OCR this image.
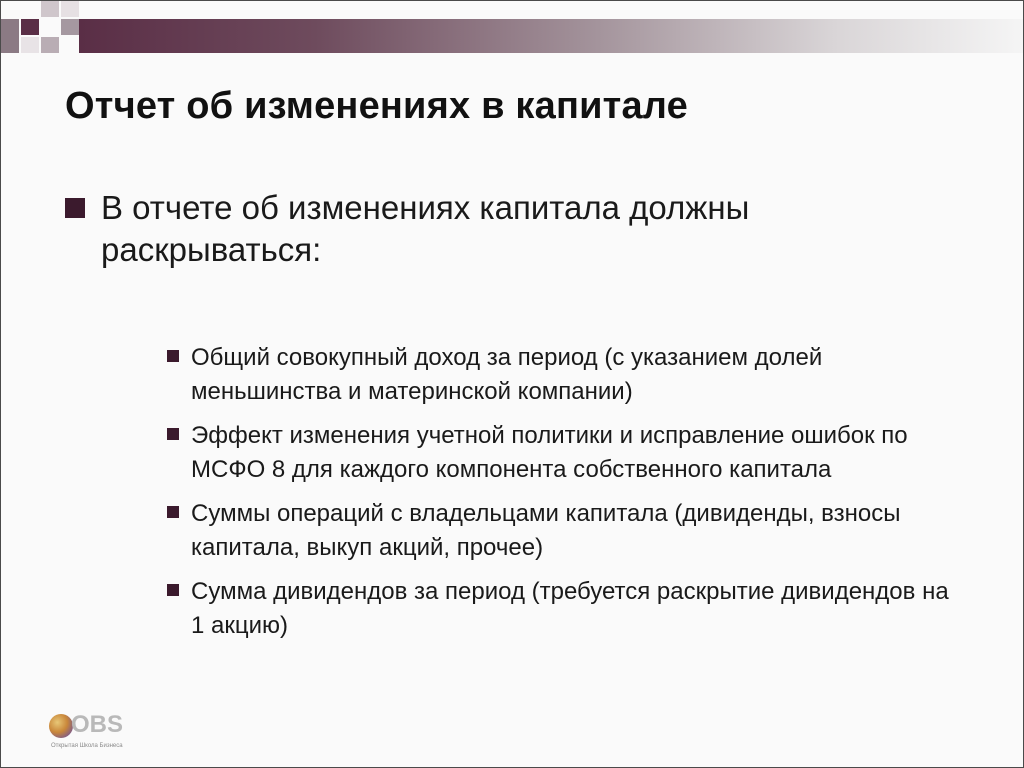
Отчет об изменениях в капитале
В отчете об изменениях капитала должны раскрываться:
Общий совокупный доход за период (с указанием долей меньшинства и материнской компании)
Эффект изменения учетной политики и исправление ошибок по МСФО 8 для каждого компонента собственного капитала
Суммы операций с владельцами капитала (дивиденды, взносы капитала, выкуп акций, прочее)
Сумма дивидендов за период (требуется раскрытие дивидендов на 1 акцию)
OBS
Открытая Школа Бизнеса
